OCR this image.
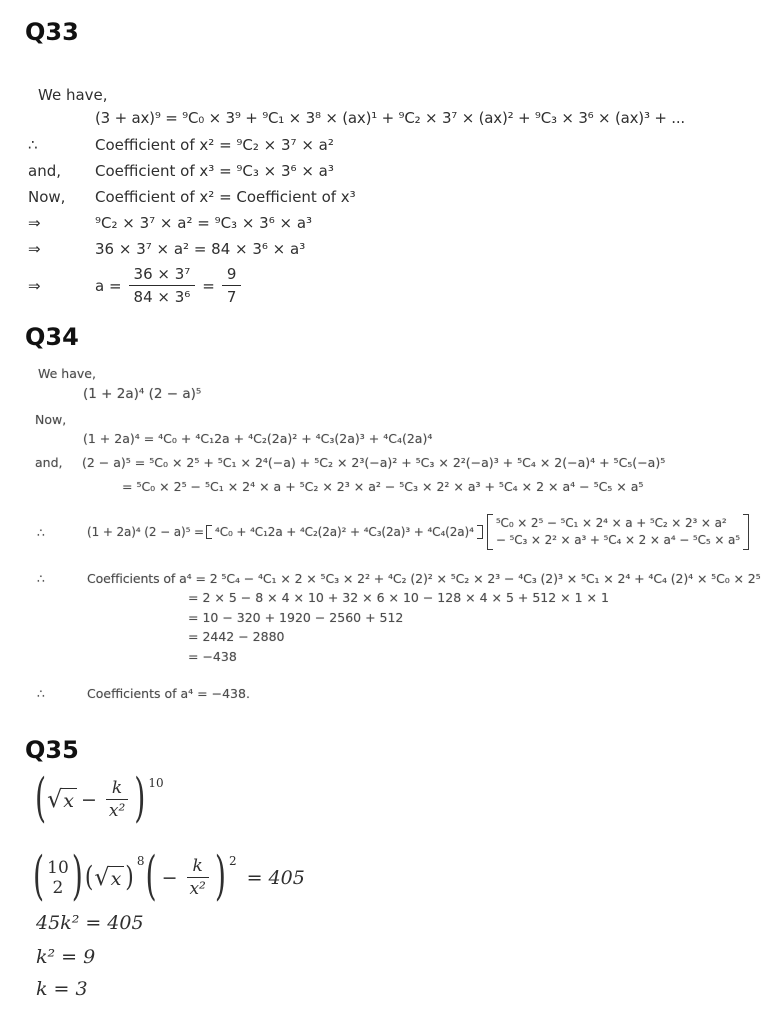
Q33
We have,
(3 + ax)⁹ = ⁹C₀ × 3⁹ + ⁹C₁ × 3⁸ × (ax)¹ + ⁹C₂ × 3⁷ × (ax)² + ⁹C₃ × 3⁶ × (ax)³ + ...
∴	Coefficient of x² = ⁹C₂ × 3⁷ × a²
and,	Coefficient of x³ = ⁹C₃ × 3⁶ × a³
Now,	Coefficient of x² = Coefficient of x³
⇒	⁹C₂ × 3⁷ × a² = ⁹C₃ × 3⁶ × a³
⇒	36 × 3⁷ × a² = 84 × 3⁶ × a³
⇒	$a = \frac{\text{36 × 3⁷}}{\text{84 × 3⁶}} = \frac{9}{7}$
Q34
We have,
(1 + 2a)⁴ (2 − a)⁵
Now,
(1 + 2a)⁴ = ⁴C₀ + ⁴C₁2a + ⁴C₂(2a)² + ⁴C₃(2a)³ + ⁴C₄(2a)⁴
and,	(2 − a)⁵ = ⁵C₀ × 2⁵ + ⁵C₁ × 2⁴(−a) + ⁵C₂ × 2³(−a)² + ⁵C₃ × 2²(−a)³ + ⁵C₄ × 2(−a)⁴ + ⁵C₅(−a)⁵
= ⁵C₀ × 2⁵ − ⁵C₁ × 2⁴ × a + ⁵C₂ × 2³ × a² − ⁵C₃ × 2² × a³ + ⁵C₄ × 2 × a⁴ − ⁵C₅ × a⁵
∴	(1 + 2a)⁴ (2 − a)⁵ = ⁴C₀ + ⁴C₁2a + ⁴C₂(2a)² + ⁴C₃(2a)³ + ⁴C₄(2a)⁴
⁵C₀ × 2⁵ − ⁵C₁ × 2⁴ × a + ⁵C₂ × 2³ × a²
− ⁵C₃ × 2² × a³ + ⁵C₄ × 2 × a⁴ − ⁵C₅ × a⁵
∴	Coefficients of a⁴ = 2 ⁵C₄ − ⁴C₁ × 2 × ⁵C₃ × 2² + ⁴C₂ (2)² × ⁵C₂ × 2³ − ⁴C₃ (2)³ × ⁵C₁ × 2⁴ + ⁴C₄ (2)⁴ × ⁵C₀ × 2⁵
= 2 × 5 − 8 × 4 × 10 + 32 × 6 × 10 − 128 × 4 × 5 + 512 × 1 × 1
= 10 − 320 + 1920 − 2560 + 512
= 2442 − 2880
= −438
∴	Coefficients of a⁴ = −438.
Q35
( √ $x - \frac{k}{\text{x²}}$ ) 10
( 10
2 ) ( √ x )
8 ( − $\frac{k}{\text{x²}}$ ) 2
= 405
45k² = 405
k² = 9
k = 3
